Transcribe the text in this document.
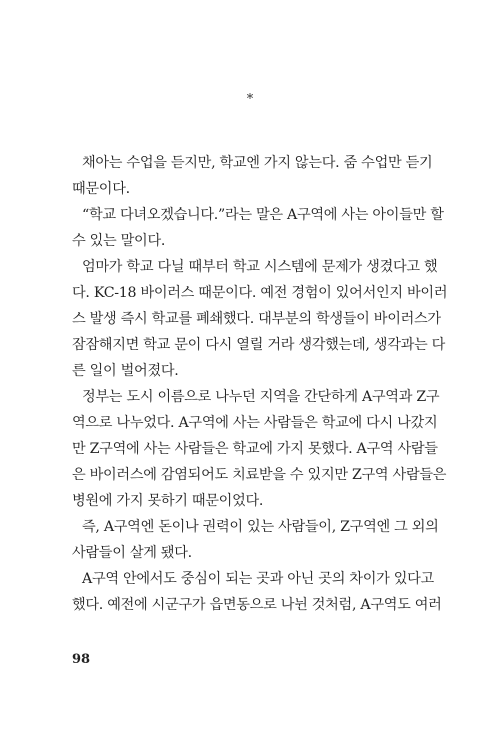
*
채아는 수업을 듣지만, 학교엔 가지 않는다. 줌 수업만 듣기
때문이다.
“학교 다녀오겠습니다.”라는 말은 A구역에 사는 아이들만 할
수 있는 말이다.
엄마가 학교 다닐 때부터 학교 시스템에 문제가 생겼다고 했
다. KC-18 바이러스 때문이다. 예전 경험이 있어서인지 바이러
스 발생 즉시 학교를 폐쇄했다. 대부분의 학생들이 바이러스가
잠잠해지면 학교 문이 다시 열릴 거라 생각했는데, 생각과는 다
른 일이 벌어졌다.
정부는 도시 이름으로 나누던 지역을 간단하게 A구역과 Z구
역으로 나누었다. A구역에 사는 사람들은 학교에 다시 나갔지
만 Z구역에 사는 사람들은 학교에 가지 못했다. A구역 사람들
은 바이러스에 감염되어도 치료받을 수 있지만 Z구역 사람들은
병원에 가지 못하기 때문이었다.
즉, A구역엔 돈이나 권력이 있는 사람들이, Z구역엔 그 외의
사람들이 살게 됐다.
A구역 안에서도 중심이 되는 곳과 아닌 곳의 차이가 있다고
했다. 예전에 시군구가 읍면동으로 나뉜 것처럼, A구역도 여러
98
